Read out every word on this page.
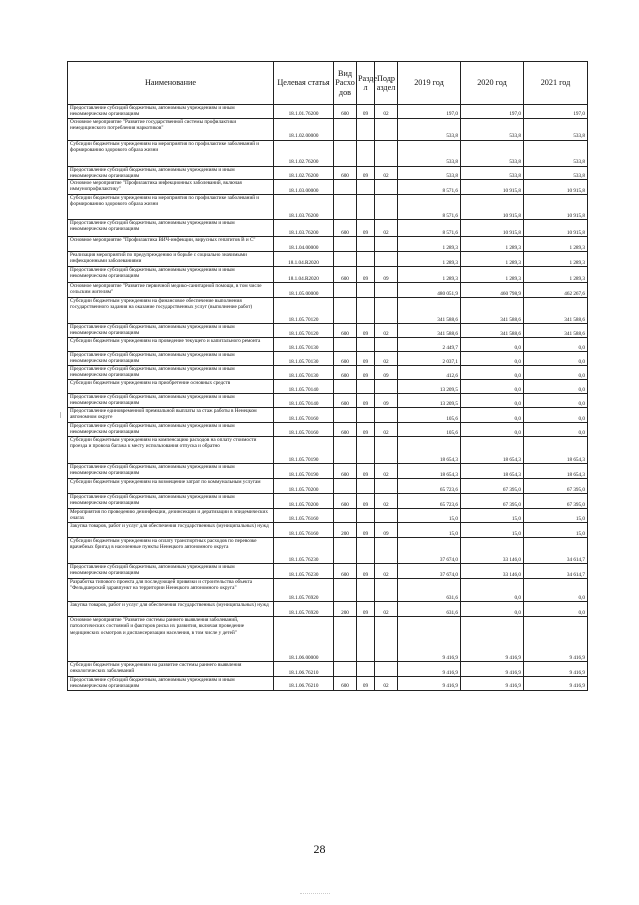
Наименование	Целевая статья	Вид Расхо дов	Разде л	Подр аздел	2019 год	2020 год	2021 год
Предоставление субсидий бюджетным, автономным учреждениям и иным некоммерческим организациям	18.1.01.76200	600	09	02	197,0	197,0	197,0
Основное мероприятие "Развитие государственной системы профилактики немедицинского потребления наркотиков"	18.1.02.00000				533,8	533,8	533,8
Субсидии бюджетным учреждениям на мероприятия по профилактике заболеваний и формированию здорового образа жизни	18.1.02.76200				533,8	533,8	533,8
Предоставление субсидий бюджетным, автономным учреждениям и иным некоммерческим организациям	18.1.02.76200	600	09	02	533,8	533,8	533,8
Основное мероприятие "Профилактика инфекционных заболеваний, включая иммунопрофилактику"	18.1.03.00000				8 571,6	10 915,8	10 915,8
Субсидии бюджетным учреждениям на мероприятия по профилактике заболеваний и формированию здорового образа жизни	18.1.03.76200				8 571,6	10 915,8	10 915,8
Предоставление субсидий бюджетным, автономным учреждениям и иным некоммерческим организациям	18.1.03.76200	600	09	02	8 571,6	10 915,8	10 915,8
Основное мероприятие "Профилактика ВИЧ-инфекции, вирусных гепатитов В и С"	18.1.04.00000				1 289,3	1 289,3	1 289,3
Реализация мероприятий по предупреждению и борьбе с социально значимыми инфекционными заболеваниями	18.1.04.R2020				1 289,3	1 289,3	1 289,3
Предоставление субсидий бюджетным, автономным учреждениям и иным некоммерческим организациям	18.1.04.R2020	600	09	09	1 289,3	1 289,3	1 289,3
Основное мероприятие "Развитие первичной медико-санитарной помощи, в том числе сельским жителям"	18.1.05.00000				480 051,9	460 798,9	462 267,6
Субсидии бюджетным учреждениям на финансовое обеспечение выполнения государственного задания на оказание государственных услуг (выполнение работ)	18.1.05.70120				341 588,6	341 588,6	341 588,6
Предоставление субсидий бюджетным, автономным учреждениям и иным некоммерческим организациям	18.1.05.70120	600	09	02	341 588,6	341 588,6	341 588,6
Субсидии бюджетным учреждениям на проведение текущего и капитального ремонта	18.1.05.70130				2 449,7	0,0	0,0
Предоставление субсидий бюджетным, автономным учреждениям и иным некоммерческим организациям	18.1.05.70130	600	09	02	2 037,1	0,0	0,0
Предоставление субсидий бюджетным, автономным учреждениям и иным некоммерческим организациям	18.1.05.70130	600	09	09	412,6	0,0	0,0
Субсидии бюджетным учреждениям на приобретение основных средств	18.1.05.70140				13 209,5	0,0	0,0
Предоставление субсидий бюджетным, автономным учреждениям и иным некоммерческим организациям	18.1.05.70140	600	09	09	13 209,5	0,0	0,0
Предоставление единовременной премиальной выплаты за стаж работы в Ненецком автономном округе	18.1.05.70160				105,6	0,0	0,0
Предоставление субсидий бюджетным, автономным учреждениям и иным некоммерческим организациям	18.1.05.70160	600	09	02	105,6	0,0	0,0
Субсидии бюджетным учреждениям на компенсацию расходов на оплату стоимости проезда и провоза багажа к месту использования отпуска и обратно	18.1.05.70190				18 654,3	18 654,3	18 654,3
Предоставление субсидий бюджетным, автономным учреждениям и иным некоммерческим организациям	18.1.05.70190	600	09	02	18 654,3	18 654,3	18 654,3
Субсидии бюджетным учреждениям на возмещение затрат по коммунальным услугам	18.1.05.70200				65 723,6	67 395,0	67 395,0
Предоставление субсидий бюджетным, автономным учреждениям и иным некоммерческим организациям	18.1.05.70200	600	09	02	65 723,6	67 395,0	67 395,0
Мероприятия по проведению дезинфекции, дезинсекции и дератизации в эпидемических очагах	18.1.05.76160				15,0	15,0	15,0
Закупка товаров, работ и услуг для обеспечения государственных (муниципальных) нужд	18.1.05.76160	200	09	09	15,0	15,0	15,0
Субсидии бюджетным учреждениям на оплату транспортных расходов по перевозке врачебных бригад в населенные пункты Ненецкого автономного округа	18.1.05.76230				37 674,0	33 146,0	34 614,7
Предоставление субсидий бюджетным, автономным учреждениям и иным некоммерческим организациям	18.1.05.76230	600	09	02	37 674,0	33 146,0	34 614,7
Разработка типового проекта для последующей привязки и строительства объекта "Фельдшерский здравпункт на территории Ненецкого автономного округа"	18.1.05.76920				631,6	0,0	0,0
Закупка товаров, работ и услуг для обеспечения государственных (муниципальных) нужд	18.1.05.76920	200	09	02	631,6	0,0	0,0
Основное мероприятие "Развитие системы раннего выявления заболеваний, патологических состояний и факторов риска их развития, включая проведение медицинских осмотров и диспансеризации населения, в том числе у детей"	18.1.06.00000				9 416,9	9 416,9	9 416,9
Субсидии бюджетным учреждениям на развитие системы раннего выявления онкологических заболеваний	18.1.06.76210				9 416,9	9 416,9	9 416,9
Предоставление субсидий бюджетным, автономным учреждениям и иным некоммерческим организациям	18.1.06.76210	600	09	02	9 416,9	9 416,9	9 416,9
28
